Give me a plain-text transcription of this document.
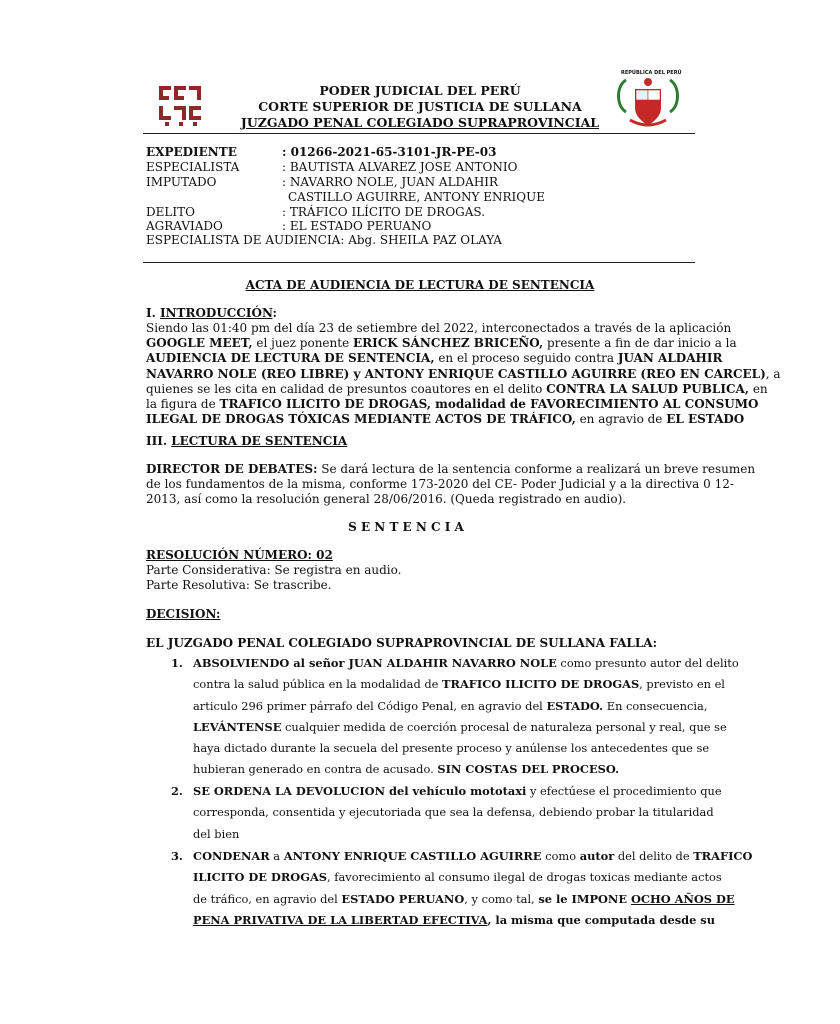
REPÚBLICA DEL PERÚ
PODER JUDICIAL DEL PERÚ
CORTE SUPERIOR DE JUSTICIA DE SULLANA
JUZGADO PENAL COLEGIADO SUPRAPROVINCIAL
EXPEDIENTE	: 01266-2021-65-3101-JR-PE-03
ESPECIALISTA	: BAUTISTA ALVAREZ JOSE ANTONIO
IMPUTADO	: NAVARRO NOLE, JUAN ALDAHIR
CASTILLO AGUIRRE, ANTONY ENRIQUE
DELITO	: TRÁFICO ILÍCITO DE DROGAS.
AGRAVIADO	: EL ESTADO PERUANO
ESPECIALISTA DE AUDIENCIA: Abg. SHEILA PAZ OLAYA
ACTA DE AUDIENCIA DE LECTURA DE SENTENCIA
I. INTRODUCCIÓN:
Siendo las 01:40 pm del día 23 de setiembre del 2022, interconectados a través de la aplicación
GOOGLE MEET, el juez ponente ERICK SÁNCHEZ BRICEÑO, presente a fin de dar inicio a la
AUDIENCIA DE LECTURA DE SENTENCIA, en el proceso seguido contra JUAN ALDAHIR
NAVARRO NOLE (REO LIBRE) y ANTONY ENRIQUE CASTILLO AGUIRRE (REO EN CARCEL), a
quienes se les cita en calidad de presuntos coautores en el delito CONTRA LA SALUD PUBLICA, en
la figura de TRAFICO ILICITO DE DROGAS, modalidad de FAVORECIMIENTO AL CONSUMO
ILEGAL DE DROGAS TÓXICAS MEDIANTE ACTOS DE TRÁFICO, en agravio de EL ESTADO
III. LECTURA DE SENTENCIA
DIRECTOR DE DEBATES: Se dará lectura de la sentencia conforme a realizará un breve resumen
de los fundamentos de la misma, conforme 173-2020 del CE- Poder Judicial y a la directiva 0 12-
2013, así como la resolución general 28/06/2016. (Queda registrado en audio).
S E N T E N C I A
RESOLUCIÓN NÚMERO: 02
Parte Considerativa: Se registra en audio.
Parte Resolutiva: Se trascribe.
DECISION:
EL JUZGADO PENAL COLEGIADO SUPRAPROVINCIAL DE SULLANA FALLA:
1. ABSOLVIENDO al señor JUAN ALDAHIR NAVARRO NOLE como presunto autor del delito
contra la salud pública en la modalidad de TRAFICO ILICITO DE DROGAS, previsto en el
articulo 296 primer párrafo del Código Penal, en agravio del ESTADO. En consecuencia,
LEVÁNTENSE cualquier medida de coerción procesal de naturaleza personal y real, que se
haya dictado durante la secuela del presente proceso y anúlense los antecedentes que se
hubieran generado en contra de acusado. SIN COSTAS DEL PROCESO.
2. SE ORDENA LA DEVOLUCION del vehículo mototaxi y efectúese el procedimiento que
corresponda, consentida y ejecutoriada que sea la defensa, debiendo probar la titularidad
del bien
3. CONDENAR a ANTONY ENRIQUE CASTILLO AGUIRRE como autor del delito de TRAFICO
ILICITO DE DROGAS, favorecimiento al consumo ilegal de drogas toxicas mediante actos
de tráfico, en agravio del ESTADO PERUANO, y como tal, se le IMPONE OCHO AÑOS DE
PENA PRIVATIVA DE LA LIBERTAD EFECTIVA, la misma que computada desde su
